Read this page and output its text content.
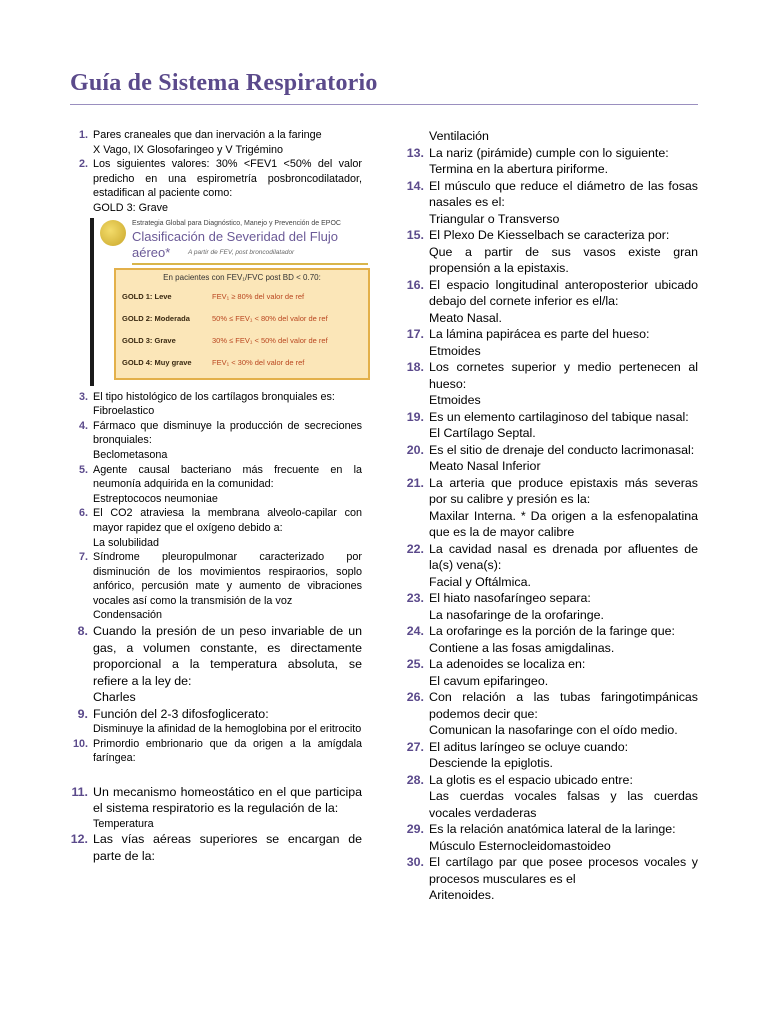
Guía de Sistema Respiratorio
1. Pares craneales que dan inervación a la faringe
X Vago, IX Glosofaringeo y V Trigémino
2. Los siguientes valores: 30% <FEV1 <50% del valor predicho en una espirometría posbroncodilatador, estadifican al paciente como:
GOLD 3: Grave
Estrategia Global para Diagnóstico, Manejo y Prevención de EPOC
Clasificación de Severidad del Flujo
aéreo*	A partir de FEV, post broncodilatador
En pacientes con FEV₁/FVC post BD < 0.70:
GOLD 1: Leve	FEV₁ ≥ 80% del valor de ref
GOLD 2: Moderada	50% ≤ FEV₁ < 80% del valor de ref
GOLD 3: Grave	30% ≤ FEV₁ < 50% del valor de ref
GOLD 4: Muy grave	FEV₁ < 30% del valor de ref
3. El tipo histológico de los cartílagos bronquiales es:
Fibroelastico
4. Fármaco que disminuye la producción de secreciones bronquiales:
Beclometasona
5. Agente causal bacteriano más frecuente en la neumonía adquirida en la comunidad:
Estreptococos neumoniae
6. El CO2 atraviesa la membrana alveolo-capilar con mayor rapidez que el oxígeno debido a:
La solubilidad
7. Síndrome pleuropulmonar caracterizado por disminución de los movimientos respiraorios, soplo anfórico, percusión mate y aumento de vibraciones vocales así como la transmisión de la voz
Condensación
8. Cuando la presión de un peso invariable de un gas, a volumen constante, es directamente proporcional a la temperatura absoluta, se refiere a la ley de:
Charles
9. Función del 2-3 difosfoglicerato:
Disminuye la afinidad de la hemoglobina por el eritrocito
10. Primordio embrionario que da origen a la amígdala faríngea:
11. Un mecanismo homeostático en el que participa el sistema respiratorio es la regulación de la:
Temperatura
12. Las vías aéreas superiores se encargan de parte de la:
Ventilación
13. La nariz (pirámide) cumple con lo siguiente:
Termina en la abertura piriforme.
14. El músculo que reduce el diámetro de las fosas nasales es el:
Triangular o Transverso
15. El Plexo De Kiesselbach se caracteriza por:
Que a partir de sus vasos existe gran propensión a la epistaxis.
16. El espacio longitudinal anteroposterior ubicado debajo del cornete inferior es el/la:
Meato Nasal.
17. La lámina papirácea es parte del hueso:
Etmoides
18. Los cornetes superior y medio pertenecen al hueso:
Etmoides
19. Es un elemento cartilaginoso del tabique nasal:
El Cartílago Septal.
20. Es el sitio de drenaje del conducto lacrimonasal:
Meato Nasal Inferior
21. La arteria que produce epistaxis más severas por su calibre y presión es la:
Maxilar Interna. * Da origen a la esfenopalatina que es la de mayor calibre
22. La cavidad nasal es drenada por afluentes de la(s) vena(s):
Facial y Oftálmica.
23. El hiato nasofaríngeo separa:
La nasofaringe de la orofaringe.
24. La orofaringe es la porción de la faringe que:
Contiene a las fosas amigdalinas.
25. La adenoides se localiza en:
El cavum epifaringeo.
26. Con relación a las tubas faringotimpánicas podemos decir que:
Comunican la nasofaringe con el oído medio.
27. El aditus laríngeo se ocluye cuando:
Desciende la epiglotis.
28. La glotis es el espacio ubicado entre:
Las cuerdas vocales falsas y las cuerdas vocales verdaderas
29. Es la relación anatómica lateral de la laringe:
Músculo Esternocleidomastoideo
30. El cartílago par que posee procesos vocales y procesos musculares es el
Aritenoides.
